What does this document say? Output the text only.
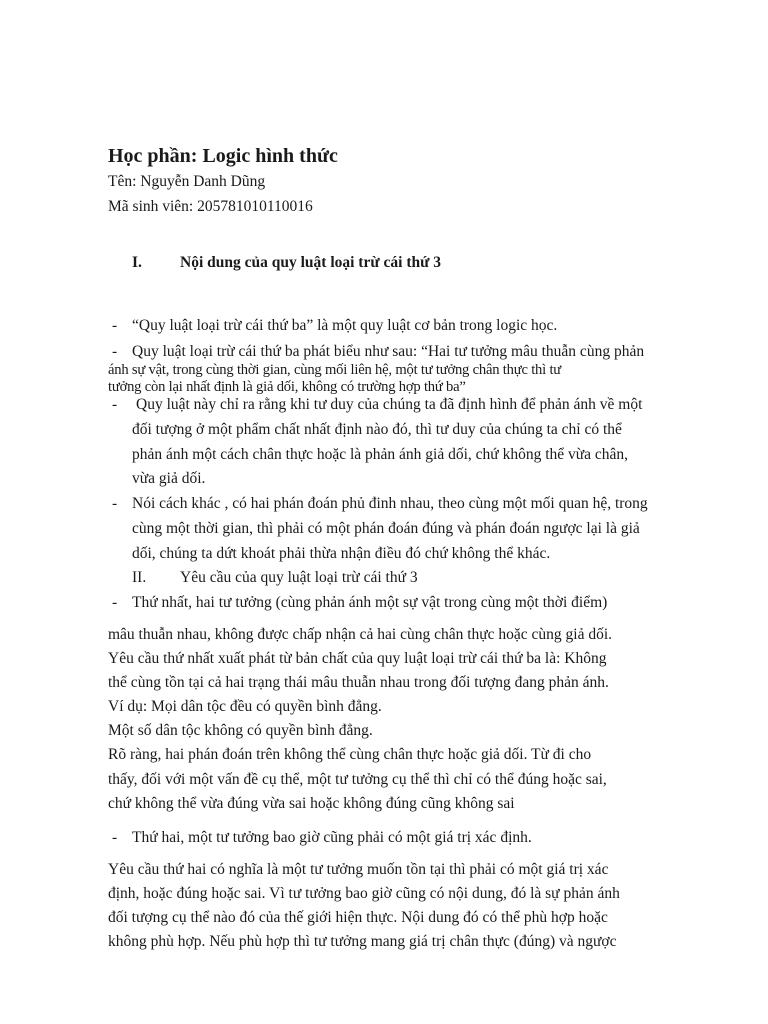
Học phần: Logic hình thức
Tên: Nguyễn Danh Dũng
Mã sinh viên: 205781010110016
I. Nội dung của quy luật loại trừ cái thứ 3
- “Quy luật loại trừ cái thứ ba” là một quy luật cơ bản trong logic học.
- Quy luật loại trừ cái thứ ba phát biểu như sau: “Hai tư tưởng mâu thuẫn cùng phản
ánh sự vật, trong cùng thời gian, cùng mối liên hệ, một tư tưởng chân thực thì tư
tưởng còn lại nhất định là giả dối, không có trường hợp thứ ba”
- Quy luật này chỉ ra rằng khi tư duy của chúng ta đã định hình để phản ánh về một
đối tượng ở một phẩm chất nhất định nào đó, thì tư duy của chúng ta chỉ có thể
phản ánh một cách chân thực hoặc là phản ánh giả dối, chứ không thể vừa chân,
vừa giả dối.
- Nói cách khác , có hai phán đoán phủ đinh nhau, theo cùng một mối quan hệ, trong
cùng một thời gian, thì phải có một phán đoán đúng và phán đoán ngược lại là giả
dối, chúng ta dứt khoát phải thừa nhận điều đó chứ không thể khác.
II. Yêu cầu của quy luật loại trừ cái thứ 3
- Thứ nhất, hai tư tưởng (cùng phản ánh một sự vật trong cùng một thời điểm)
mâu thuẫn nhau, không được chấp nhận cả hai cùng chân thực hoặc cùng giả dối.
Yêu cầu thứ nhất xuất phát từ bản chất của quy luật loại trừ cái thứ ba là: Không
thể cùng tồn tại cả hai trạng thái mâu thuẫn nhau trong đối tượng đang phản ánh.
Ví dụ: Mọi dân tộc đều có quyền bình đẳng.
Một số dân tộc không có quyền bình đẳng.
Rõ ràng, hai phán đoán trên không thể cùng chân thực hoặc giả dối. Từ đi cho
thấy, đối với một vấn đề cụ thể, một tư tưởng cụ thể thì chỉ có thể đúng hoặc sai,
chứ không thể vừa đúng vừa sai hoặc không đúng cũng không sai
- Thứ hai, một tư tưởng bao giờ cũng phải có một giá trị xác định.
Yêu cầu thứ hai có nghĩa là một tư tưởng muốn tồn tại thì phải có một giá trị xác
định, hoặc đúng hoặc sai. Vì tư tưởng bao giờ cũng có nội dung, đó là sự phản ánh
đối tượng cụ thể nào đó của thế giới hiện thực. Nội dung đó có thể phù hợp hoặc
không phù hợp. Nếu phù hợp thì tư tưởng mang giá trị chân thực (đúng) và ngược
